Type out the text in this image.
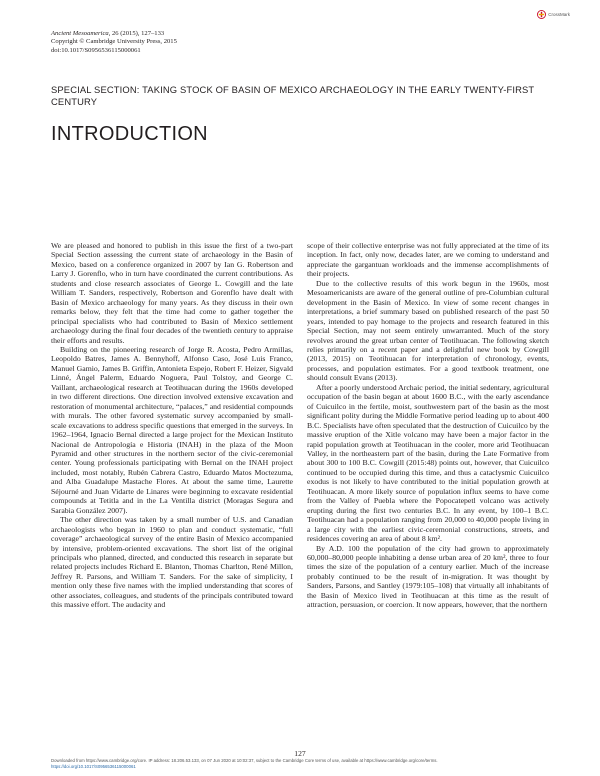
CrossMark
Ancient Mesoamerica, 26 (2015), 127–133
Copyright © Cambridge University Press, 2015
doi:10.1017/S0956536115000061
SPECIAL SECTION: TAKING STOCK OF BASIN OF MEXICO ARCHAEOLOGY IN THE EARLY TWENTY-FIRST CENTURY
INTRODUCTION

We are pleased and honored to publish in this issue the first of a two-part Special Section assessing the current state of archaeology in the Basin of Mexico, based on a conference organized in 2007 by Ian G. Robertson and Larry J. Gorenflo, who in turn have coordinated the current contributions. As students and close research associates of George L. Cowgill and the late William T. Sanders, respectively, Robertson and Gorenflo have dealt with Basin of Mexico archaeology for many years. As they discuss in their own remarks below, they felt that the time had come to gather together the principal specialists who had contributed to Basin of Mexico settlement archaeology during the final four decades of the twentieth century to appraise their efforts and results.

Building on the pioneering research of Jorge R. Acosta, Pedro Armillas, Leopoldo Batres, James A. Bennyhoff, Alfonso Caso, José Luis Franco, Manuel Gamio, James B. Griffin, Antonieta Espejo, Robert F. Heizer, Sigvald Linné, Ángel Palerm, Eduardo Noguera, Paul Tolstoy, and George C. Vaillant, archaeological research at Teotihuacan during the 1960s developed in two different directions. One direction involved extensive excavation and restoration of monumental architecture, “palaces,” and residential compounds with murals. The other favored systematic survey accompanied by small-scale excavations to address specific questions that emerged in the surveys. In 1962–1964, Ignacio Bernal directed a large project for the Mexican Instituto Nacional de Antropología e Historia (INAH) in the plaza of the Moon Pyramid and other structures in the northern sector of the civic-ceremonial center. Young professionals participating with Bernal on the INAH project included, most notably, Rubén Cabrera Castro, Eduardo Matos Moctezuma, and Alba Guadalupe Mastache Flores. At about the same time, Laurette Séjourné and Juan Vidarte de Linares were beginning to excavate residential compounds at Tetitla and in the La Ventilla district (Moragas Segura and Sarabia González 2007).

The other direction was taken by a small number of U.S. and Canadian archaeologists who began in 1960 to plan and conduct systematic, “full coverage” archaeological survey of the entire Basin of Mexico accompanied by intensive, problem-oriented excavations. The short list of the original principals who planned, directed, and conducted this research in separate but related projects includes Richard E. Blanton, Thomas Charlton, René Millon, Jeffrey R. Parsons, and William T. Sanders. For the sake of simplicity, I mention only these five names with the implied understanding that scores of other associates, colleagues, and students of the principals contributed toward this massive effort. The audacity and

scope of their collective enterprise was not fully appreciated at the time of its inception. In fact, only now, decades later, are we coming to understand and appreciate the gargantuan workloads and the immense accomplishments of their projects.

Due to the collective results of this work begun in the 1960s, most Mesoamericanists are aware of the general outline of pre-Columbian cultural development in the Basin of Mexico. In view of some recent changes in interpretations, a brief summary based on published research of the past 50 years, intended to pay homage to the projects and research featured in this Special Section, may not seem entirely unwarranted. Much of the story revolves around the great urban center of Teotihuacan. The following sketch relies primarily on a recent paper and a delightful new book by Cowgill (2013, 2015) on Teotihuacan for interpretation of chronology, events, processes, and population estimates. For a good textbook treatment, one should consult Evans (2013).

After a poorly understood Archaic period, the initial sedentary, agricultural occupation of the basin began at about 1600 B.C., with the early ascendance of Cuicuilco in the fertile, moist, southwestern part of the basin as the most significant polity during the Middle Formative period leading up to about 400 B.C. Specialists have often speculated that the destruction of Cuicuilco by the massive eruption of the Xitle volcano may have been a major factor in the rapid population growth at Teotihuacan in the cooler, more arid Teotihuacan Valley, in the northeastern part of the basin, during the Late Formative from about 300 to 100 B.C. Cowgill (2015:48) points out, however, that Cuicuilco continued to be occupied during this time, and thus a cataclysmic Cuicuilco exodus is not likely to have contributed to the initial population growth at Teotihuacan. A more likely source of population influx seems to have come from the Valley of Puebla where the Popocatepetl volcano was actively erupting during the first two centuries B.C. In any event, by 100–1 B.C. Teotihuacan had a population ranging from 20,000 to 40,000 people living in a large city with the earliest civic-ceremonial constructions, streets, and residences covering an area of about 8 km².

By A.D. 100 the population of the city had grown to approximately 60,000–80,000 people inhabiting a dense urban area of 20 km², three to four times the size of the population of a century earlier. Much of the increase probably continued to be the result of in-migration. It was thought by Sanders, Parsons, and Santley (1979:105–108) that virtually all inhabitants of the Basin of Mexico lived in Teotihuacan at this time as the result of attraction, persuasion, or coercion. It now appears, however, that the northern

127
Downloaded from https://www.cambridge.org/core. IP address: 18.206.53.133, on 07 Jun 2020 at 10:02:37, subject to the Cambridge Core terms of use, available at https://www.cambridge.org/core/terms.
https://doi.org/10.1017/S0956536115000061
